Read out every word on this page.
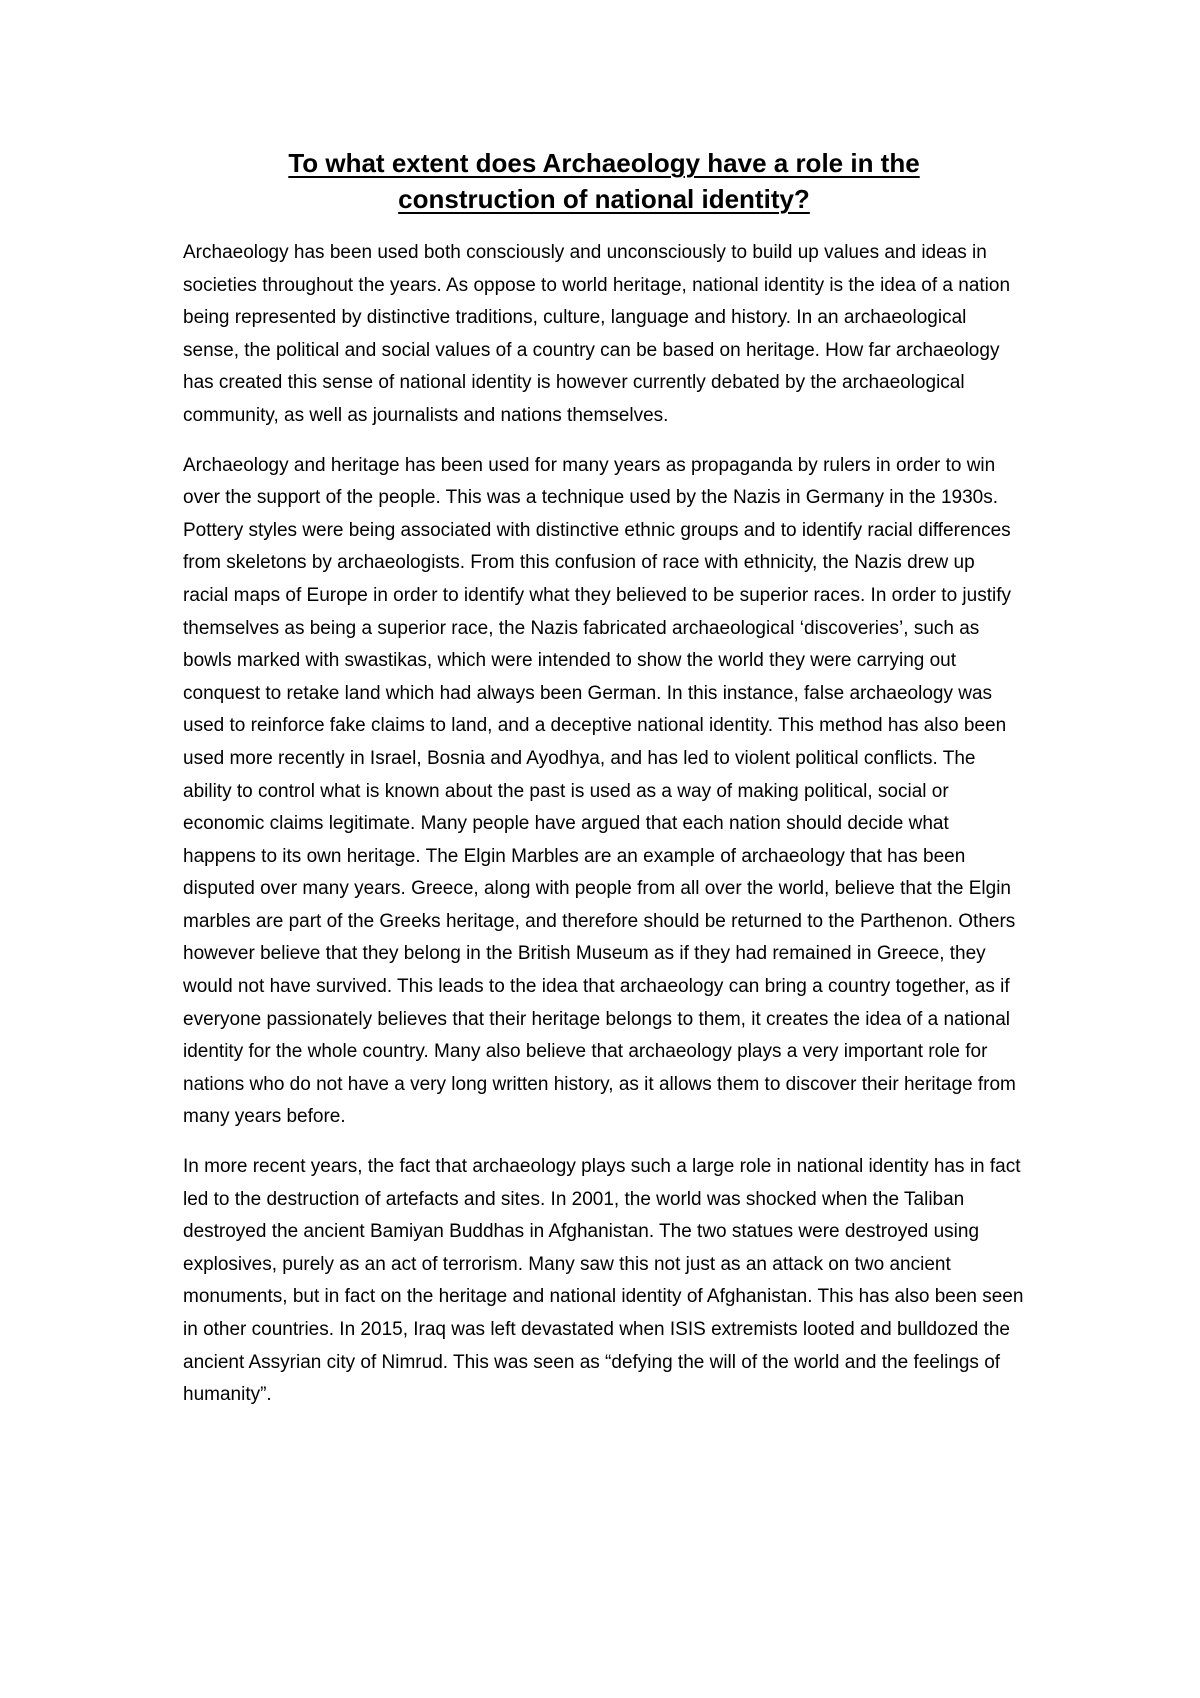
To what extent does Archaeology have a role in the
construction of national identity?

Archaeology has been used both consciously and unconsciously to build up values and ideas in societies throughout the years. As oppose to world heritage, national identity is the idea of a nation being represented by distinctive traditions, culture, language and history. In an archaeological sense, the political and social values of a country can be based on heritage. How far archaeology has created this sense of national identity is however currently debated by the archaeological community, as well as journalists and nations themselves.

Archaeology and heritage has been used for many years as propaganda by rulers in order to win over the support of the people. This was a technique used by the Nazis in Germany in the 1930s. Pottery styles were being associated with distinctive ethnic groups and to identify racial differences from skeletons by archaeologists. From this confusion of race with ethnicity, the Nazis drew up racial maps of Europe in order to identify what they believed to be superior races. In order to justify themselves as being a superior race, the Nazis fabricated archaeological ‘discoveries’, such as bowls marked with swastikas, which were intended to show the world they were carrying out conquest to retake land which had always been German. In this instance, false archaeology was used to reinforce fake claims to land, and a deceptive national identity. This method has also been used more recently in Israel, Bosnia and Ayodhya, and has led to violent political conflicts. The ability to control what is known about the past is used as a way of making political, social or economic claims legitimate. Many people have argued that each nation should decide what happens to its own heritage. The Elgin Marbles are an example of archaeology that has been disputed over many years. Greece, along with people from all over the world, believe that the Elgin marbles are part of the Greeks heritage, and therefore should be returned to the Parthenon. Others however believe that they belong in the British Museum as if they had remained in Greece, they would not have survived. This leads to the idea that archaeology can bring a country together, as if everyone passionately believes that their heritage belongs to them, it creates the idea of a national identity for the whole country. Many also believe that archaeology plays a very important role for nations who do not have a very long written history, as it allows them to discover their heritage from many years before.

In more recent years, the fact that archaeology plays such a large role in national identity has in fact led to the destruction of artefacts and sites. In 2001, the world was shocked when the Taliban destroyed the ancient Bamiyan Buddhas in Afghanistan. The two statues were destroyed using explosives, purely as an act of terrorism. Many saw this not just as an attack on two ancient monuments, but in fact on the heritage and national identity of Afghanistan. This has also been seen in other countries. In 2015, Iraq was left devastated when ISIS extremists looted and bulldozed the ancient Assyrian city of Nimrud. This was seen as “defying the will of the world and the feelings of humanity”.
